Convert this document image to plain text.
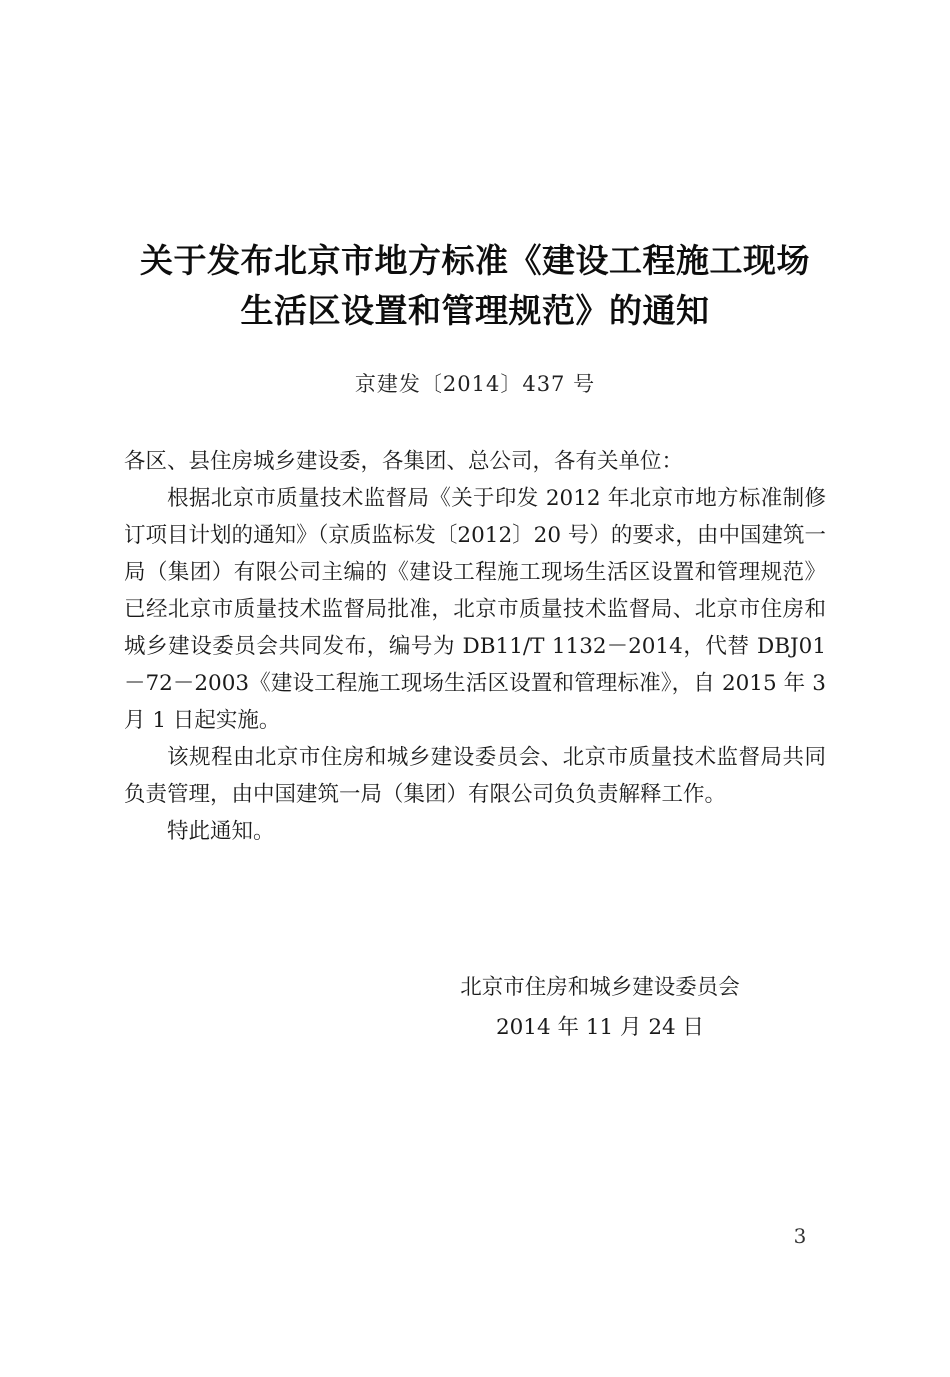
关于发布北京市地方标准《建设工程施工现场
生活区设置和管理规范》的通知
京建发〔2014〕437 号

各区、县住房城乡建设委，各集团、总公司，各有关单位：

根据北京市质量技术监督局《关于印发 2012 年北京市地方标准制修订项目计划的通知》（京质监标发〔2012〕20 号）的要求，由中国建筑一局（集团）有限公司主编的《建设工程施工现场生活区设置和管理规范》已经北京市质量技术监督局批准，北京市质量技术监督局、北京市住房和城乡建设委员会共同发布，编号为 DB11/T 1132－2014，代替 DBJ01－72－2003《建设工程施工现场生活区设置和管理标准》，自 2015 年 3 月 1 日起实施。

该规程由北京市住房和城乡建设委员会、北京市质量技术监督局共同负责管理，由中国建筑一局（集团）有限公司负负责解释工作。

特此通知。

北京市住房和城乡建设委员会
2014 年 11 月 24 日
3
